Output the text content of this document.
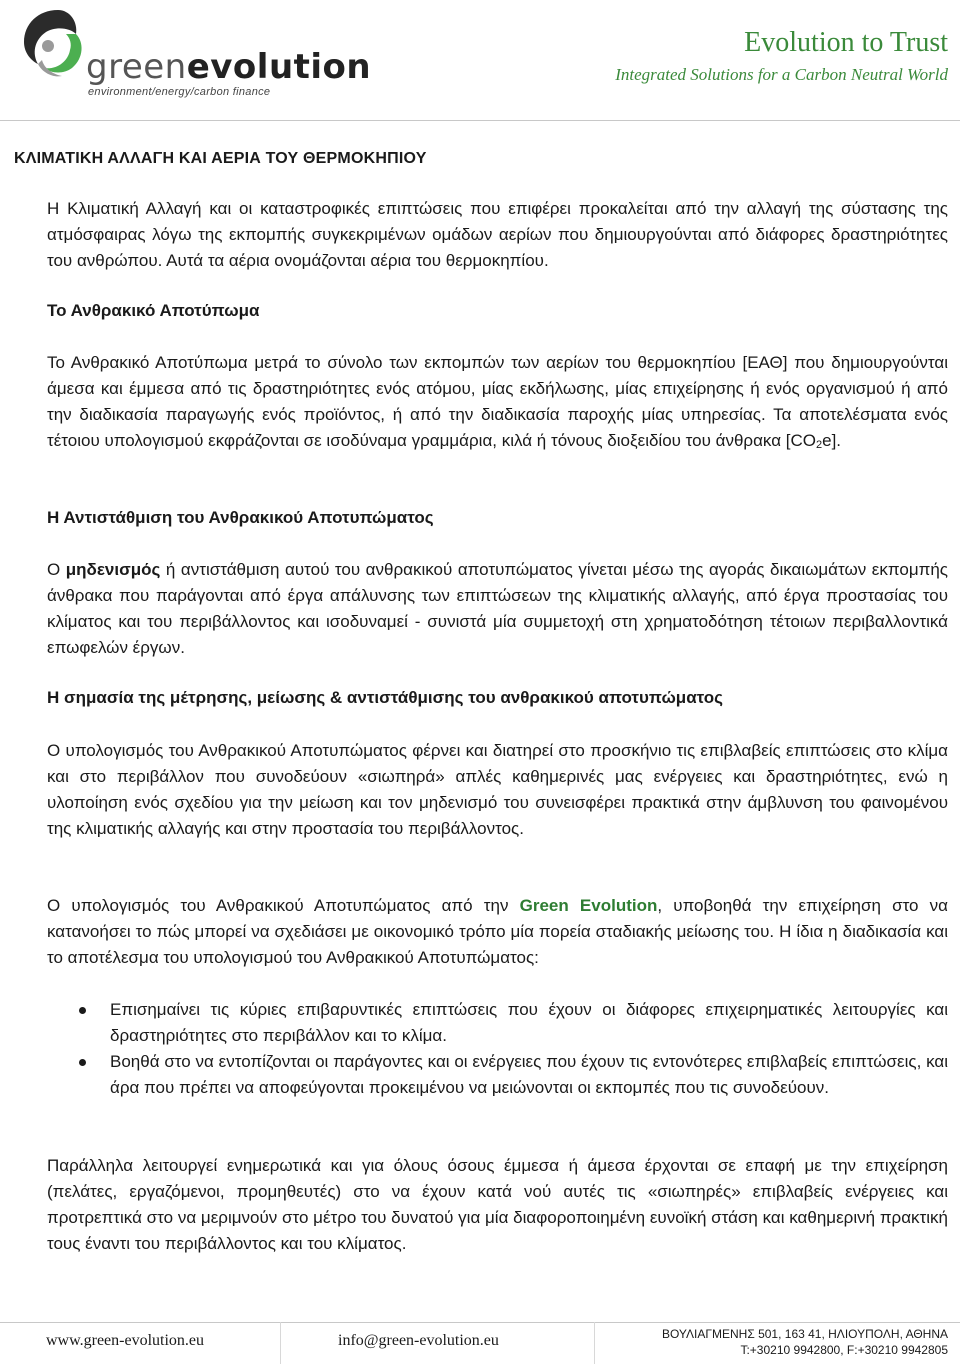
greenevolution
environment/energy/carbon finance
Evolution to Trust
Integrated Solutions for a Carbon Neutral World
ΚΛΙΜΑΤΙΚΗ ΑΛΛΑΓΗ ΚΑΙ ΑΕΡΙΑ ΤΟΥ ΘΕΡΜΟΚΗΠΙΟΥ
Η Κλιματική Αλλαγή και οι καταστροφικές επιπτώσεις που επιφέρει προκαλείται από την αλλαγή της σύστασης της ατμόσφαιρας λόγω της εκπομπής συγκεκριμένων ομάδων αερίων που δημιουργούνται από διάφορες δραστηριότητες του ανθρώπου. Αυτά τα αέρια ονομάζονται αέρια του θερμοκηπίου.
Το Ανθρακικό Αποτύπωμα
Το Ανθρακικό Αποτύπωμα μετρά το σύνολο των εκπομπών των αερίων του θερμοκηπίου [ΕΑΘ] που δημιουργούνται άμεσα και έμμεσα από τις δραστηριότητες ενός ατόμου, μίας εκδήλωσης, μίας επιχείρησης ή ενός οργανισμού ή από την διαδικασία παραγωγής ενός προϊόντος, ή από την διαδικασία παροχής μίας υπηρεσίας. Τα αποτελέσματα ενός τέτοιου υπολογισμού εκφράζονται σε ισοδύναμα γραμμάρια, κιλά ή τόνους διοξειδίου του άνθρακα [CO2e].
Η Αντιστάθμιση του Ανθρακικού Αποτυπώματος
Ο μηδενισμός ή αντιστάθμιση αυτού του ανθρακικού αποτυπώματος γίνεται μέσω της αγοράς δικαιωμάτων εκπομπής άνθρακα που παράγονται από έργα απάλυνσης των επιπτώσεων της κλιματικής αλλαγής, από έργα προστασίας του κλίματος και του περιβάλλοντος και ισοδυναμεί - συνιστά μία συμμετοχή στη χρηματοδότηση τέτοιων περιβαλλοντικά επωφελών έργων.
Η σημασία της μέτρησης, μείωσης & αντιστάθμισης του ανθρακικού αποτυπώματος
Ο υπολογισμός του Ανθρακικού Αποτυπώματος φέρνει και διατηρεί στο προσκήνιο τις επιβλαβείς επιπτώσεις στο κλίμα και στο περιβάλλον που συνοδεύουν «σιωπηρά» απλές καθημερινές μας ενέργειες και δραστηριότητες, ενώ η υλοποίηση ενός σχεδίου για την μείωση και τον μηδενισμό του συνεισφέρει πρακτικά στην άμβλυνση του φαινομένου της κλιματικής αλλαγής και στην προστασία του περιβάλλοντος.
Ο υπολογισμός του Ανθρακικού Αποτυπώματος από την Green Evolution, υποβοηθά την επιχείρηση στο να κατανοήσει το πώς μπορεί να σχεδιάσει με οικονομικό τρόπο μία πορεία σταδιακής μείωσης του. Η ίδια η διαδικασία και το αποτέλεσμα του υπολογισμού του Ανθρακικού Αποτυπώματος:
Επισημαίνει τις κύριες επιβαρυντικές επιπτώσεις που έχουν οι διάφορες επιχειρηματικές λειτουργίες και δραστηριότητες στο περιβάλλον και το κλίμα.
Βοηθά στο να εντοπίζονται οι παράγοντες και οι ενέργειες που έχουν τις εντονότερες επιβλαβείς επιπτώσεις, και άρα που πρέπει να αποφεύγονται προκειμένου να μειώνονται οι εκπομπές που τις συνοδεύουν.
Παράλληλα λειτουργεί ενημερωτικά και για όλους όσους έμμεσα ή άμεσα έρχονται σε επαφή με την επιχείρηση (πελάτες, εργαζόμενοι, προμηθευτές) στο να έχουν κατά νού αυτές τις «σιωπηρές» επιβλαβείς ενέργειες και προτρεπτικά στο να μεριμνούν στο μέτρο του δυνατού για μία διαφοροποιημένη ευνοϊκή στάση και καθημερινή πρακτική τους έναντι του περιβάλλοντος και του κλίματος.
www.green-evolution.eu	info@green-evolution.eu	ΒΟΥΛΙΑΓΜΕΝΗΣ 501, 163 41, ΗΛΙΟΥΠΟΛΗ, ΑΘΗΝΑ
T:+30210 9942800, F:+30210 9942805
